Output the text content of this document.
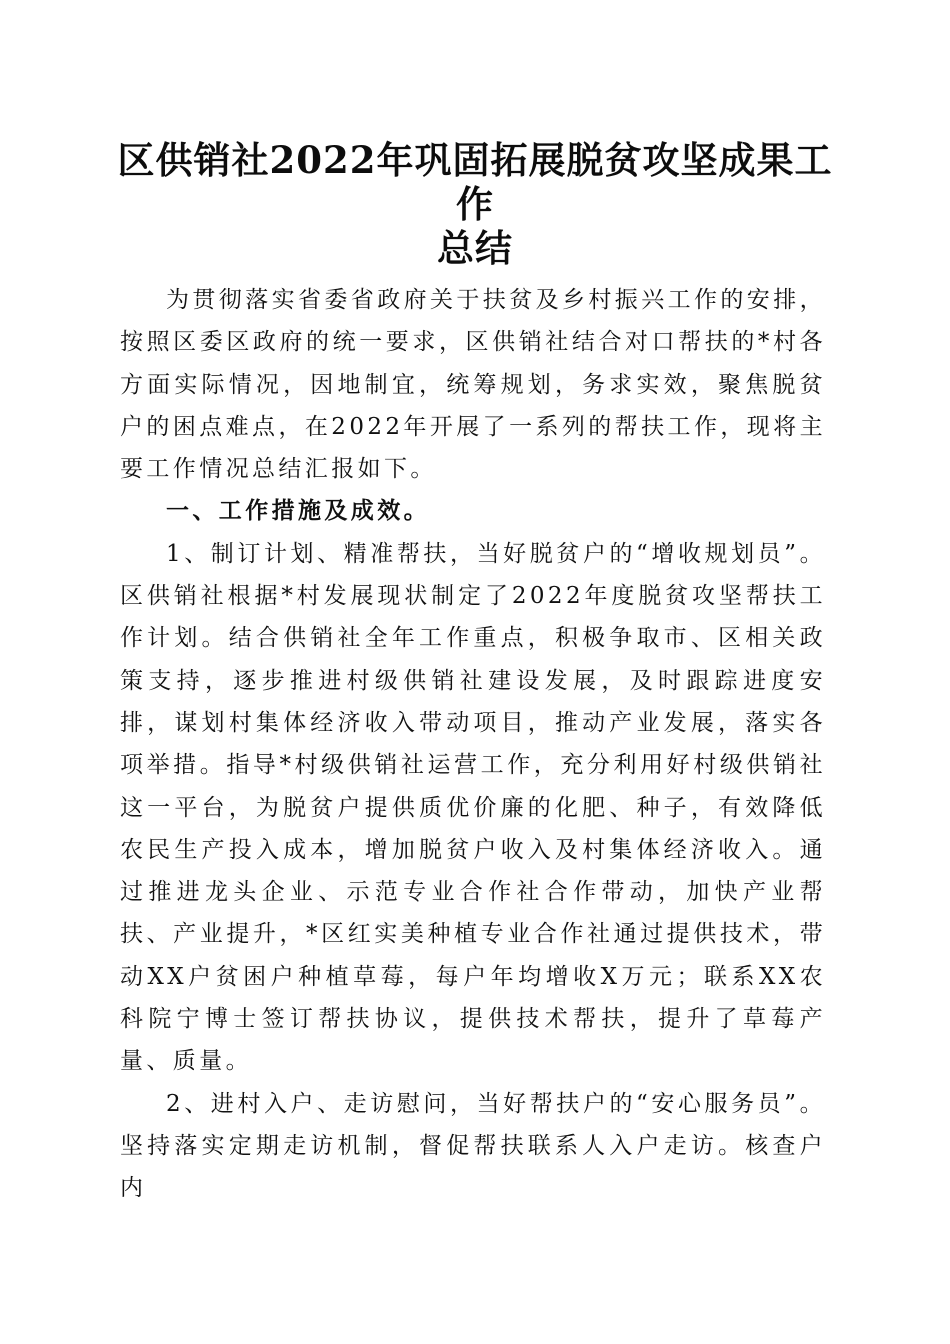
区供销社2022年巩固拓展脱贫攻坚成果工作
总结

为贯彻落实省委省政府关于扶贫及乡村振兴工作的安排，按照区委区政府的统一要求，区供销社结合对口帮扶的*村各方面实际情况，因地制宜，统筹规划，务求实效，聚焦脱贫户的困点难点，在2022年开展了一系列的帮扶工作，现将主要工作情况总结汇报如下。

一、工作措施及成效。

1、制订计划、精准帮扶，当好脱贫户的“增收规划员”。区供销社根据*村发展现状制定了2022年度脱贫攻坚帮扶工作计划。结合供销社全年工作重点，积极争取市、区相关政策支持，逐步推进村级供销社建设发展，及时跟踪进度安排，谋划村集体经济收入带动项目，推动产业发展，落实各项举措。指导*村级供销社运营工作，充分利用好村级供销社这一平台，为脱贫户提供质优价廉的化肥、种子，有效降低农民生产投入成本，增加脱贫户收入及村集体经济收入。通过推进龙头企业、示范专业合作社合作带动，加快产业帮扶、产业提升，*区红实美种植专业合作社通过提供技术，带动XX户贫困户种植草莓，每户年均增收X万元；联系XX农科院宁博士签订帮扶协议，提供技术帮扶，提升了草莓产量、质量。

2、进村入户、走访慰问，当好帮扶户的“安心服务员”。坚持落实定期走访机制，督促帮扶联系人入户走访。核查户内
